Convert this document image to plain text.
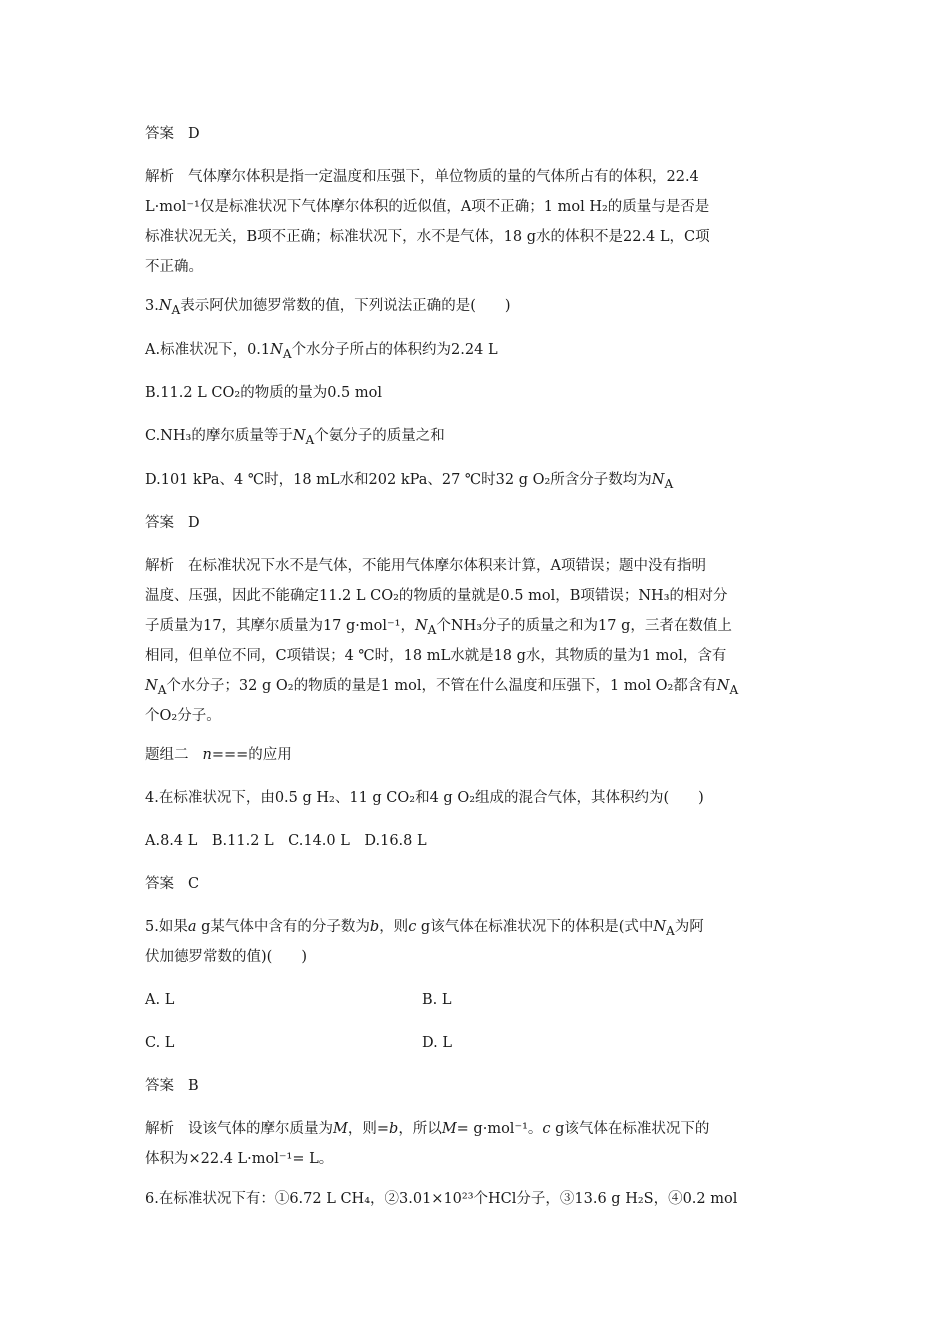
答案 D

解析 气体摩尔体积是指一定温度和压强下，单位物质的量的气体所占有的体积，22.4

L·mol⁻¹仅是标准状况下气体摩尔体积的近似值，A项不正确；1 mol H₂的质量与是否是

标准状况无关，B项不正确；标准状况下，水不是气体，18 g水的体积不是22.4 L，C项

不正确。

$3.N_A$表示阿伏加德罗常数的值，下列说法正确的是(　　)

A.标准状况下，$0.1N_A$个水分子所占的体积约为2.24 L

B.11.2 L CO₂的物质的量为0.5 mol

C.NH₃的摩尔质量等于$N_A$个氨分子的质量之和

D.101 kPa、4 ℃时，18 mL水和202 kPa、27 ℃时32 g O₂所含分子数均为$N_A$

答案 D

解析 在标准状况下水不是气体，不能用气体摩尔体积来计算，A项错误；题中没有指明

温度、压强，因此不能确定11.2 L CO₂的物质的量就是0.5 mol，B项错误；NH₃的相对分

子质量为17，其摩尔质量为17 g·mol⁻¹，$N_A$个NH₃分子的质量之和为17 g，三者在数值上

相同，但单位不同，C项错误；4 ℃时，18 mL水就是18 g水，其物质的量为1 mol，含有

$N_A$个水分子；32 g O₂的物质的量是1 mol，不管在什么温度和压强下，1 mol O₂都含有$N_A$

个O₂分子。

题组二 n===的应用

4.在标准状况下，由0.5 g H₂、11 g CO₂和4 g O₂组成的混合气体，其体积约为(　　)

A.8.4 L　B.11.2 L　C.14.0 L　D.16.8 L

答案 C

5.如果a g某气体中含有的分子数为b，则c g该气体在标准状况下的体积是(式中$N_A$为阿

伏加德罗常数的值)(　　)

A. L	B. L

C. L	D. L

答案 B

解析 设该气体的摩尔质量为M，则=b，所以M= g·mol⁻¹。c g该气体在标准状况下的

体积为×22.4 L·mol⁻¹= L。

6.在标准状况下有：①6.72 L CH₄，②3.01×10²³个HCl分子，③13.6 g H₂S，④0.2 mol
